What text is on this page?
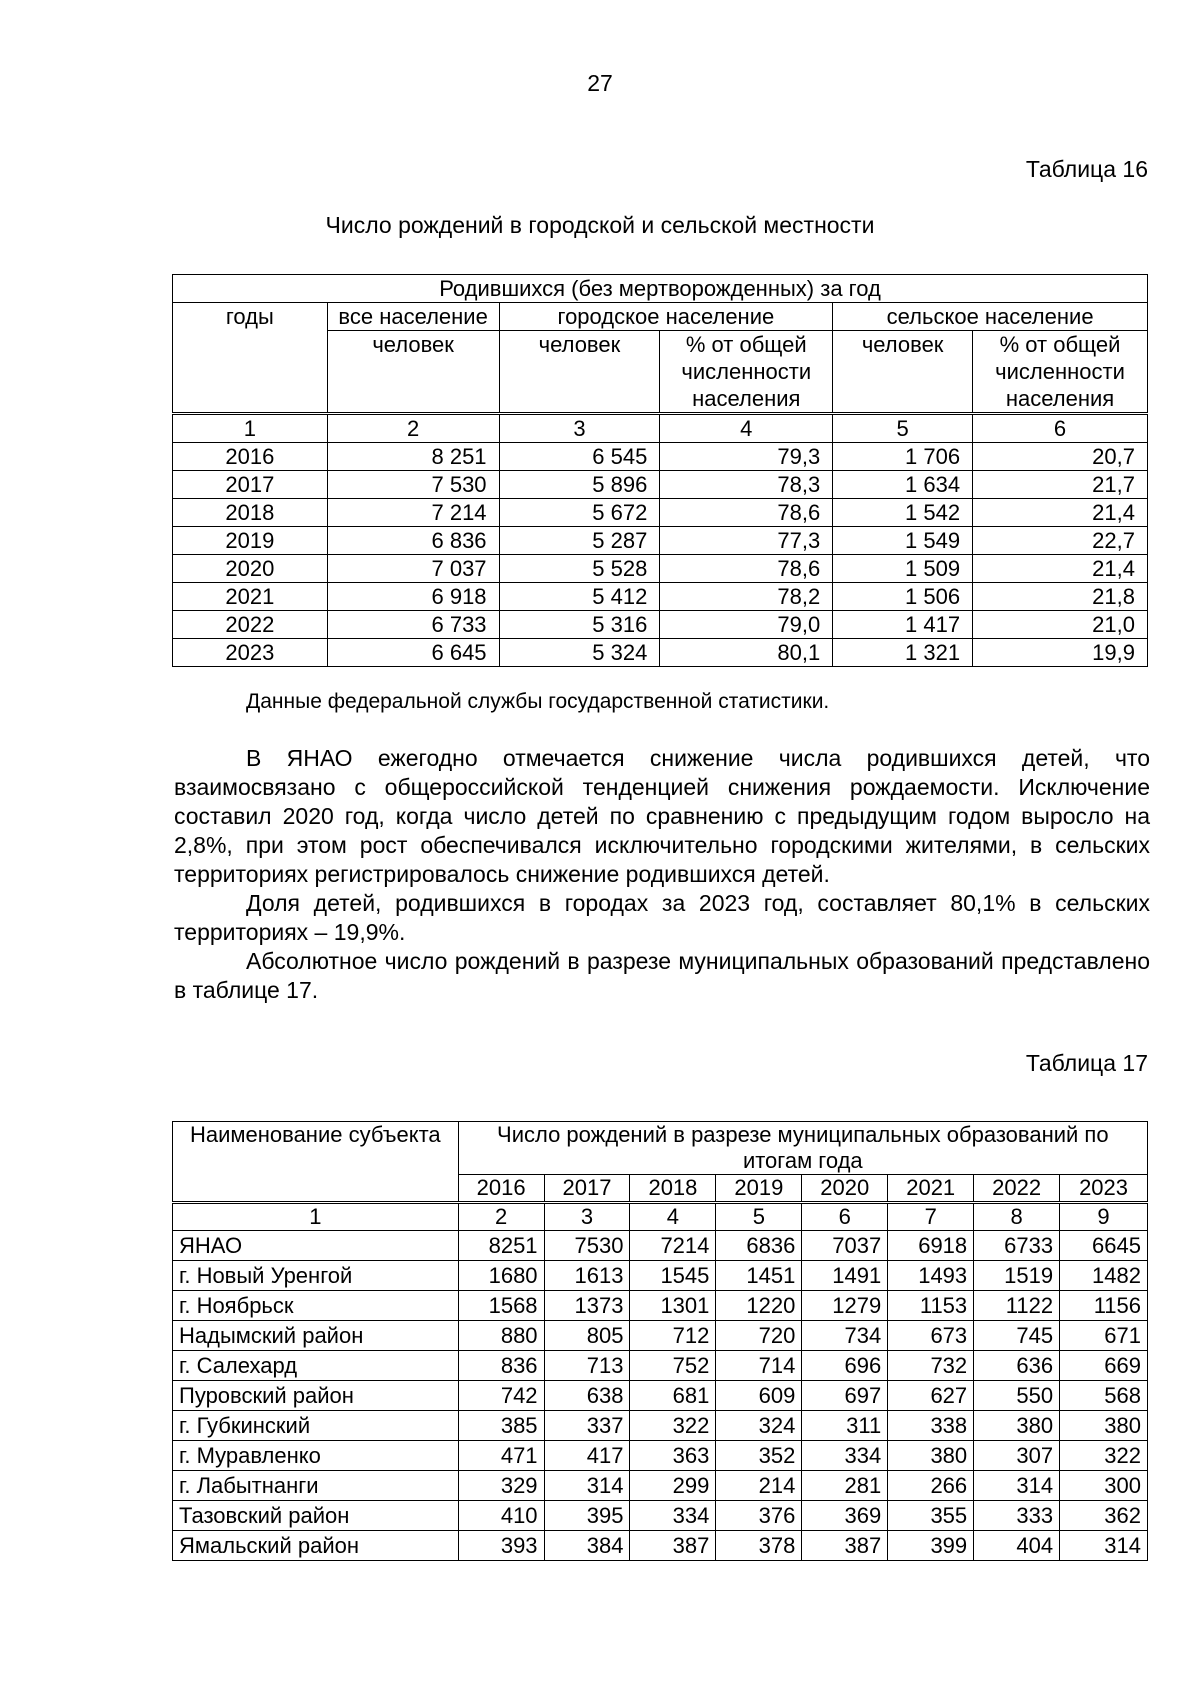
27
Таблица 16
Число рождений в городской и сельской местности
Родившихся (без мертворожденных) за год					
годы	все население	городское население		сельское население	
	человек	человек	% от общей численности населения	человек	% от общей численности населения
1	2	3	4	5	6
2016	8 251	6 545	79,3	1 706	20,7
2017	7 530	5 896	78,3	1 634	21,7
2018	7 214	5 672	78,6	1 542	21,4
2019	6 836	5 287	77,3	1 549	22,7
2020	7 037	5 528	78,6	1 509	21,4
2021	6 918	5 412	78,2	1 506	21,8
2022	6 733	5 316	79,0	1 417	21,0
2023	6 645	5 324	80,1	1 321	19,9
Данные федеральной службы государственной статистики.

В ЯНАО ежегодно отмечается снижение числа родившихся детей, что взаимосвязано с общероссийской тенденцией снижения рождаемости. Исключение составил 2020 год, когда число детей по сравнению с предыдущим годом выросло на 2,8%, при этом рост обеспечивался исключительно городскими жителями, в сельских территориях регистрировалось снижение родившихся детей.

Доля детей, родившихся в городах за 2023 год, составляет 80,1% в сельских территориях – 19,9%.

Абсолютное число рождений в разрезе муниципальных образований представлено в таблице 17.

Таблица 17
Наименование субъекта	Число рождений в разрезе муниципальных образований по итогам года							
	2016	2017	2018	2019	2020	2021	2022	2023
1	2	3	4	5	6	7	8	9
ЯНАО	8251	7530	7214	6836	7037	6918	6733	6645
г. Новый Уренгой	1680	1613	1545	1451	1491	1493	1519	1482
г. Ноябрьск	1568	1373	1301	1220	1279	1153	1122	1156
Надымский район	880	805	712	720	734	673	745	671
г. Салехард	836	713	752	714	696	732	636	669
Пуровский район	742	638	681	609	697	627	550	568
г. Губкинский	385	337	322	324	311	338	380	380
г. Муравленко	471	417	363	352	334	380	307	322
г. Лабытнанги	329	314	299	214	281	266	314	300
Тазовский район	410	395	334	376	369	355	333	362
Ямальский район	393	384	387	378	387	399	404	314
